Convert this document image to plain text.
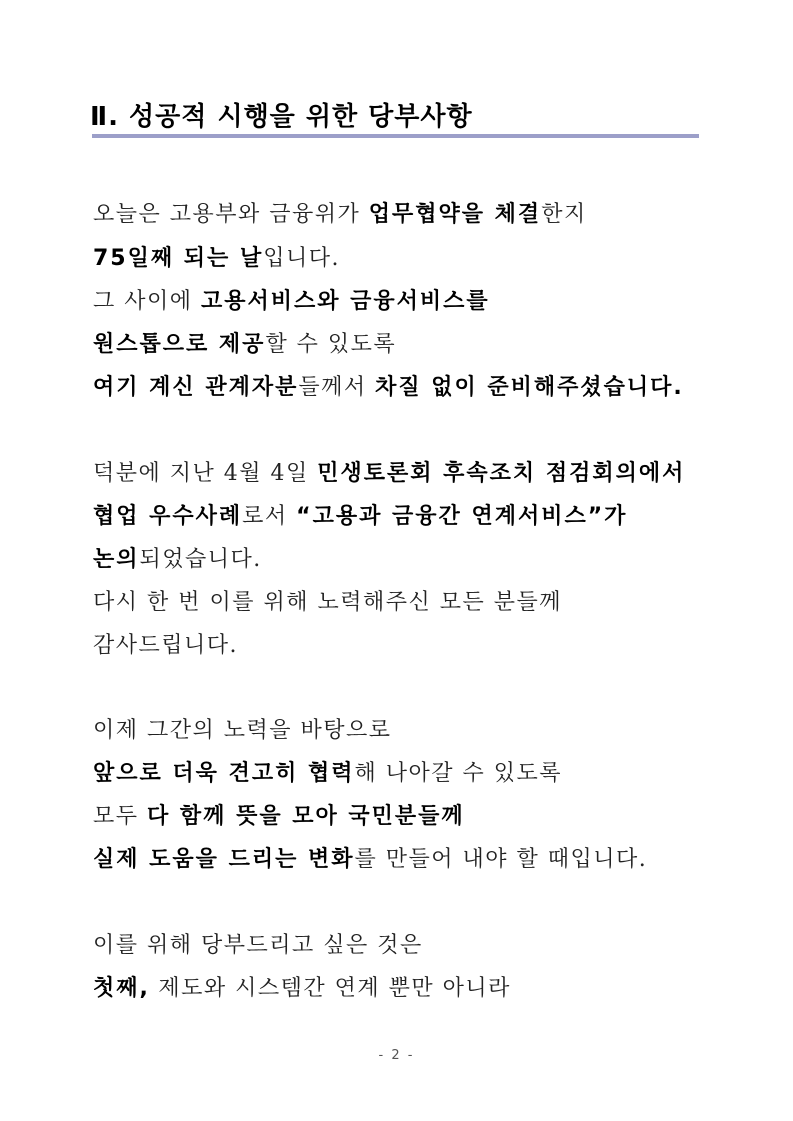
Ⅱ. 성공적 시행을 위한 당부사항
오늘은 고용부와 금융위가 업무협약을 체결한지
75일째 되는 날입니다.
그 사이에 고용서비스와 금융서비스를
원스톱으로 제공할 수 있도록
여기 계신 관계자분들께서 차질 없이 준비해주셨습니다.
덕분에 지난 4월 4일 민생토론회 후속조치 점검회의에서
협업 우수사례로서 “고용과 금융간 연계서비스”가
논의되었습니다.
다시 한 번 이를 위해 노력해주신 모든 분들께
감사드립니다.
이제 그간의 노력을 바탕으로
앞으로 더욱 견고히 협력해 나아갈 수 있도록
모두 다 함께 뜻을 모아 국민분들께
실제 도움을 드리는 변화를 만들어 내야 할 때입니다.
이를 위해 당부드리고 싶은 것은
첫째, 제도와 시스템간 연계 뿐만 아니라
- 2 -
